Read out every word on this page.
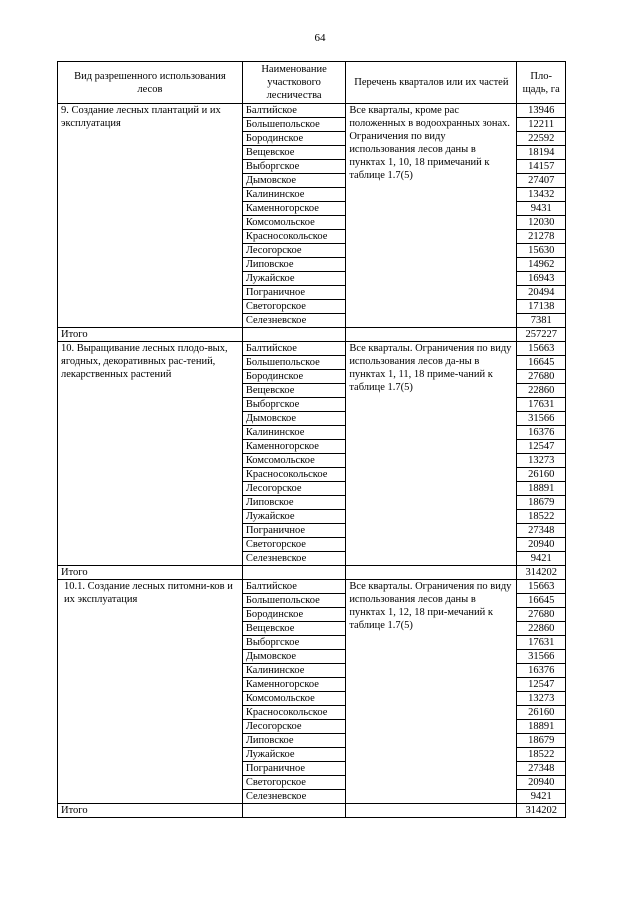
64
Вид разрешенного использования лесов	Наименование участкового лесничества	Перечень кварталов или их частей	Пло-щадь, га
9. Создание лесных плантаций и их эксплуатация	Балтийское	Все кварталы, кроме рас положенных в водоохранных зонах. Ограничения по виду использования лесов даны в пунктах 1, 10, 18 примечаний к таблице 1.7(5)	13946
	Большепольское		12211
	Бородинское		22592
	Вещевское		18194
	Выборгское		14157
	Дымовское		27407
	Калининское		13432
	Каменногорское		9431
	Комсомольское		12030
	Красносокольское		21278
	Лесогорское		15630
	Липовское		14962
	Лужайское		16943
	Пограничное		20494
	Светогорское		17138
	Селезневское		7381
Итого			257227
10. Выращивание лесных плодо-вых, ягодных, декоративных рас-тений, лекарственных растений	Балтийское	Все кварталы. Ограничения по виду использования лесов да-ны в пунктах 1, 11, 18 приме-чаний к таблице 1.7(5)	15663
	Большепольское		16645
	Бородинское		27680
	Вещевское		22860
	Выборгское		17631
	Дымовское		31566
	Калининское		16376
	Каменногорское		12547
	Комсомольское		13273
	Красносокольское		26160
	Лесогорское		18891
	Липовское		18679
	Лужайское		18522
	Пограничное		27348
	Светогорское		20940
	Селезневское		9421
Итого			314202
10.1. Создание лесных питомни-ков и их эксплуатация	Балтийское	Все кварталы. Ограничения по виду использования лесов даны в пунктах 1, 12, 18 при-мечаний к таблице 1.7(5)	15663
	Большепольское		16645
	Бородинское		27680
	Вещевское		22860
	Выборгское		17631
	Дымовское		31566
	Калининское		16376
	Каменногорское		12547
	Комсомольское		13273
	Красносокольское		26160
	Лесогорское		18891
	Липовское		18679
	Лужайское		18522
	Пограничное		27348
	Светогорское		20940
	Селезневское		9421
Итого			314202
